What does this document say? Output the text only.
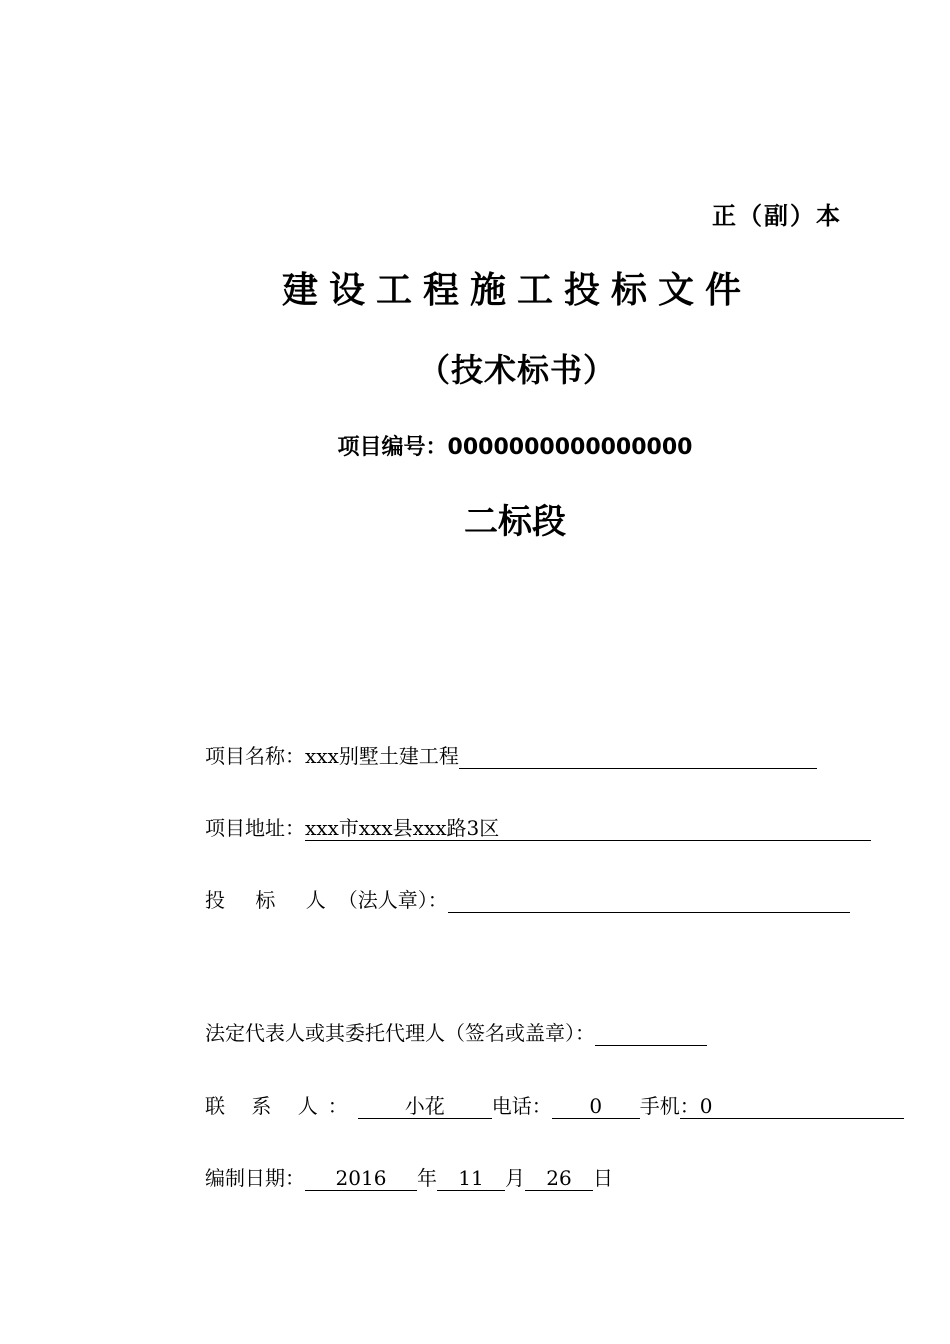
正（副）本
建设工程施工投标文件
（技术标书）
项目编号：0000000000000000
二标段
项目名称： xxx别墅土建工程

项目地址： xxx市xxx县xxx路3区
投 标 人 （法人章）：

法定代表人或其委托代理人（签名或盖章）：

联 系 人：	小花	电话：	0	手机 ：0
编制日期：	2016	年	11	月	26	日
